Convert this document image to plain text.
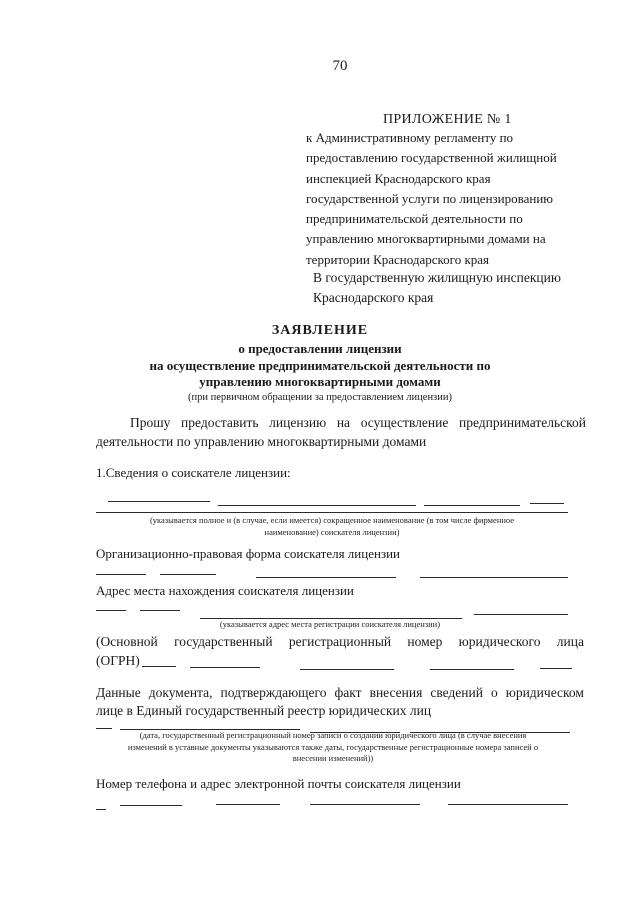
70
ПРИЛОЖЕНИЕ № 1
к Административному регламенту по
предоставлению государственной жилищной
инспекцией Краснодарского края
государственной услуги по лицензированию
предпринимательской деятельности по
управлению многоквартирными домами на
территории Краснодарского края
В государственную жилищную инспекцию
Краснодарского края
ЗАЯВЛЕНИЕ
о предоставлении лицензии
на осуществление предпринимательской деятельности по
управлению многоквартирными домами
(при первичном обращении за предоставлением лицензии)
Прошу предоставить лицензию на осуществление предпринимательской
деятельности по управлению многоквартирными домами
1.Сведения о соискателе лицензии:
(указывается полное и (в случае, если имеется) сокращенное наименование (в том числе фирменное
наименование) соискателя лицензии)
Организационно-правовая форма соискателя лицензии
Адрес места нахождения соискателя лицензии
(указывается адрес места регистрации соискателя лицензии)
(Основной государственный регистрационный номер юридического лица
(ОГРН)
Данные документа, подтверждающего факт внесения сведений о юридическом
лице в Единый государственный реестр юридических лиц
(дата, государственный регистрационный номер записи о создании юридического лица (в случае внесения
изменений в уставные документы указываются также даты, государственные регистрационные номера записей о
внесении изменений))
Номер телефона и адрес электронной почты соискателя лицензии
